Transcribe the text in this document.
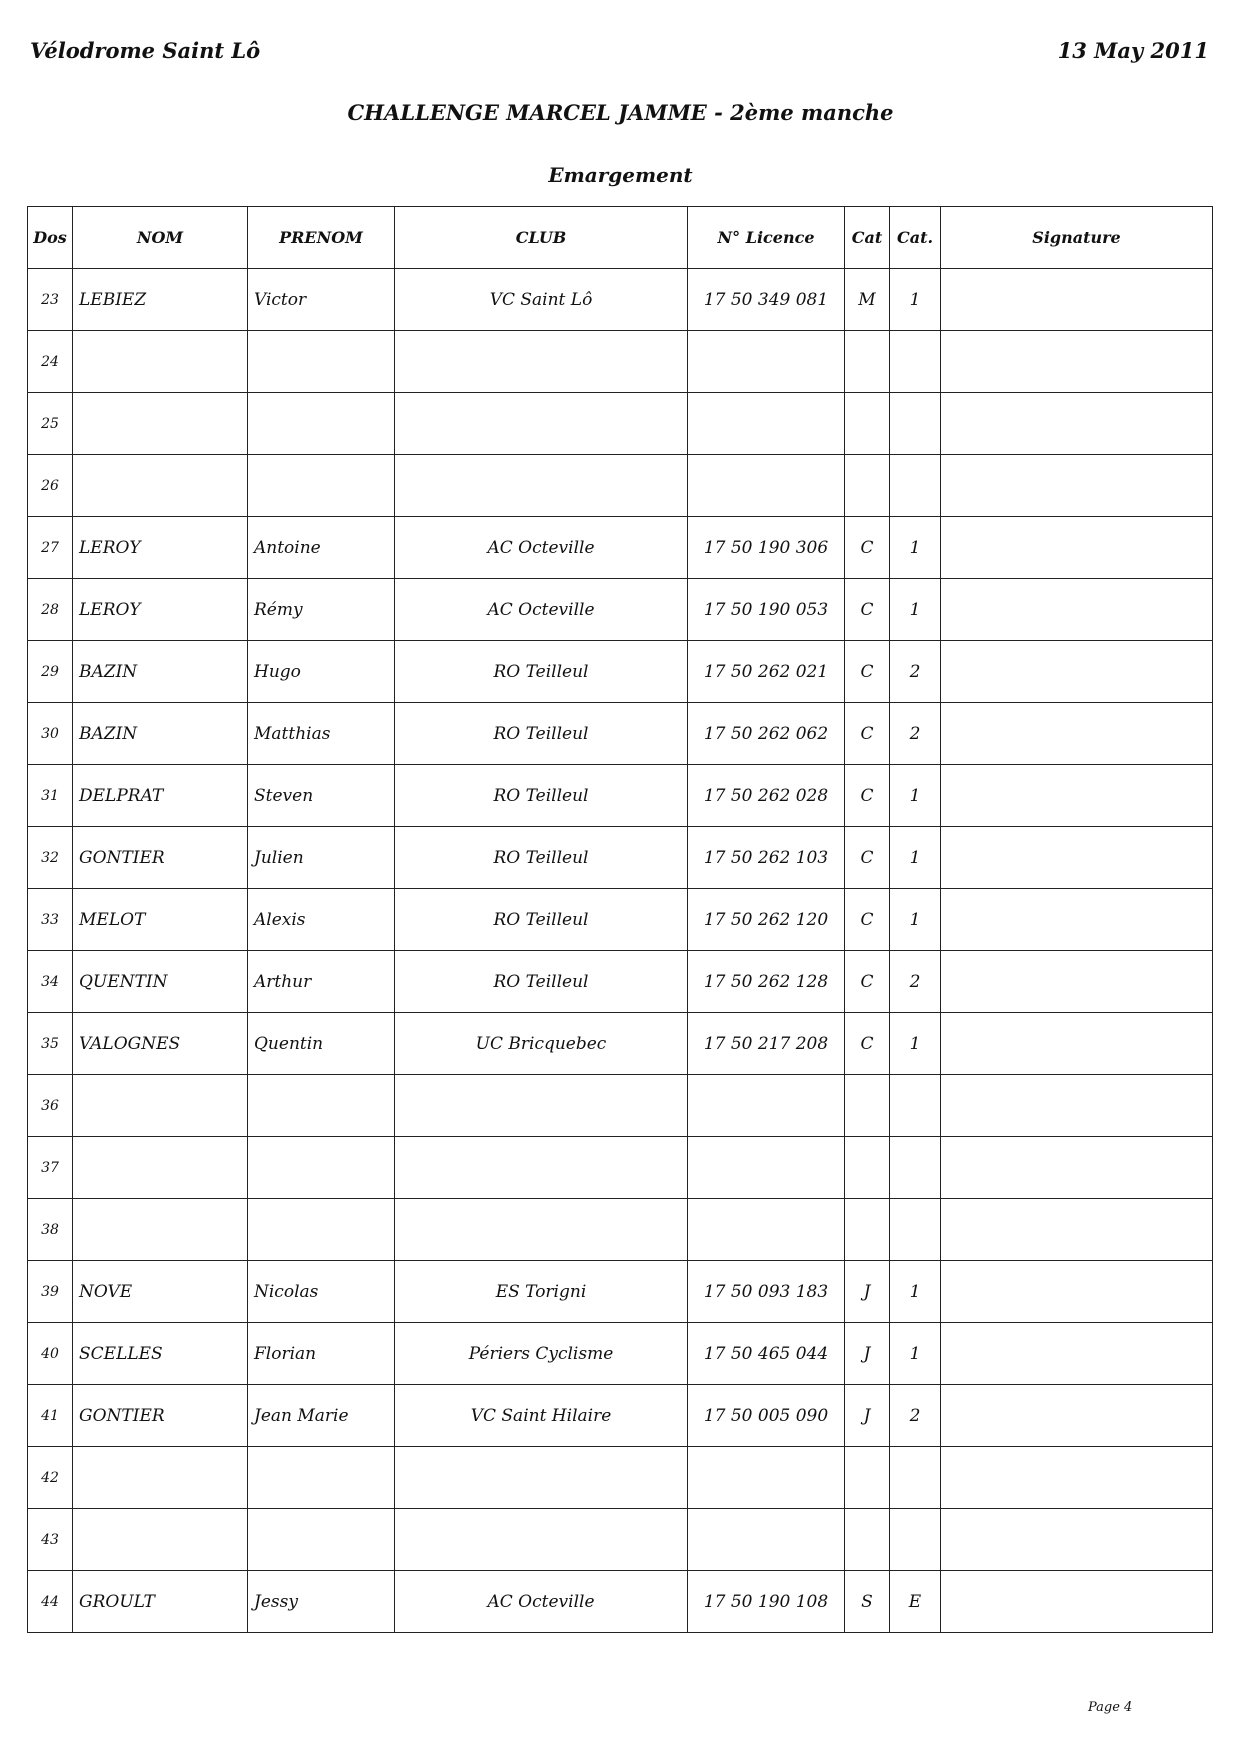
Vélodrome Saint Lô	13 May 2011
CHALLENGE MARCEL JAMME - 2ème manche
Emargement
Dos	NOM	PRENOM	CLUB	N° Licence	Cat	Cat.	Signature
23	LEBIEZ	Victor	VC Saint Lô	17 50 349 081	M	1	
24							
25							
26							
27	LEROY	Antoine	AC Octeville	17 50 190 306	C	1	
28	LEROY	Rémy	AC Octeville	17 50 190 053	C	1	
29	BAZIN	Hugo	RO Teilleul	17 50 262 021	C	2	
30	BAZIN	Matthias	RO Teilleul	17 50 262 062	C	2	
31	DELPRAT	Steven	RO Teilleul	17 50 262 028	C	1	
32	GONTIER	Julien	RO Teilleul	17 50 262 103	C	1	
33	MELOT	Alexis	RO Teilleul	17 50 262 120	C	1	
34	QUENTIN	Arthur	RO Teilleul	17 50 262 128	C	2	
35	VALOGNES	Quentin	UC Bricquebec	17 50 217 208	C	1	
36							
37							
38							
39	NOVE	Nicolas	ES Torigni	17 50 093 183	J	1	
40	SCELLES	Florian	Périers Cyclisme	17 50 465 044	J	1	
41	GONTIER	Jean Marie	VC Saint Hilaire	17 50 005 090	J	2	
42							
43							
44	GROULT	Jessy	AC Octeville	17 50 190 108	S	E	
Page 4
